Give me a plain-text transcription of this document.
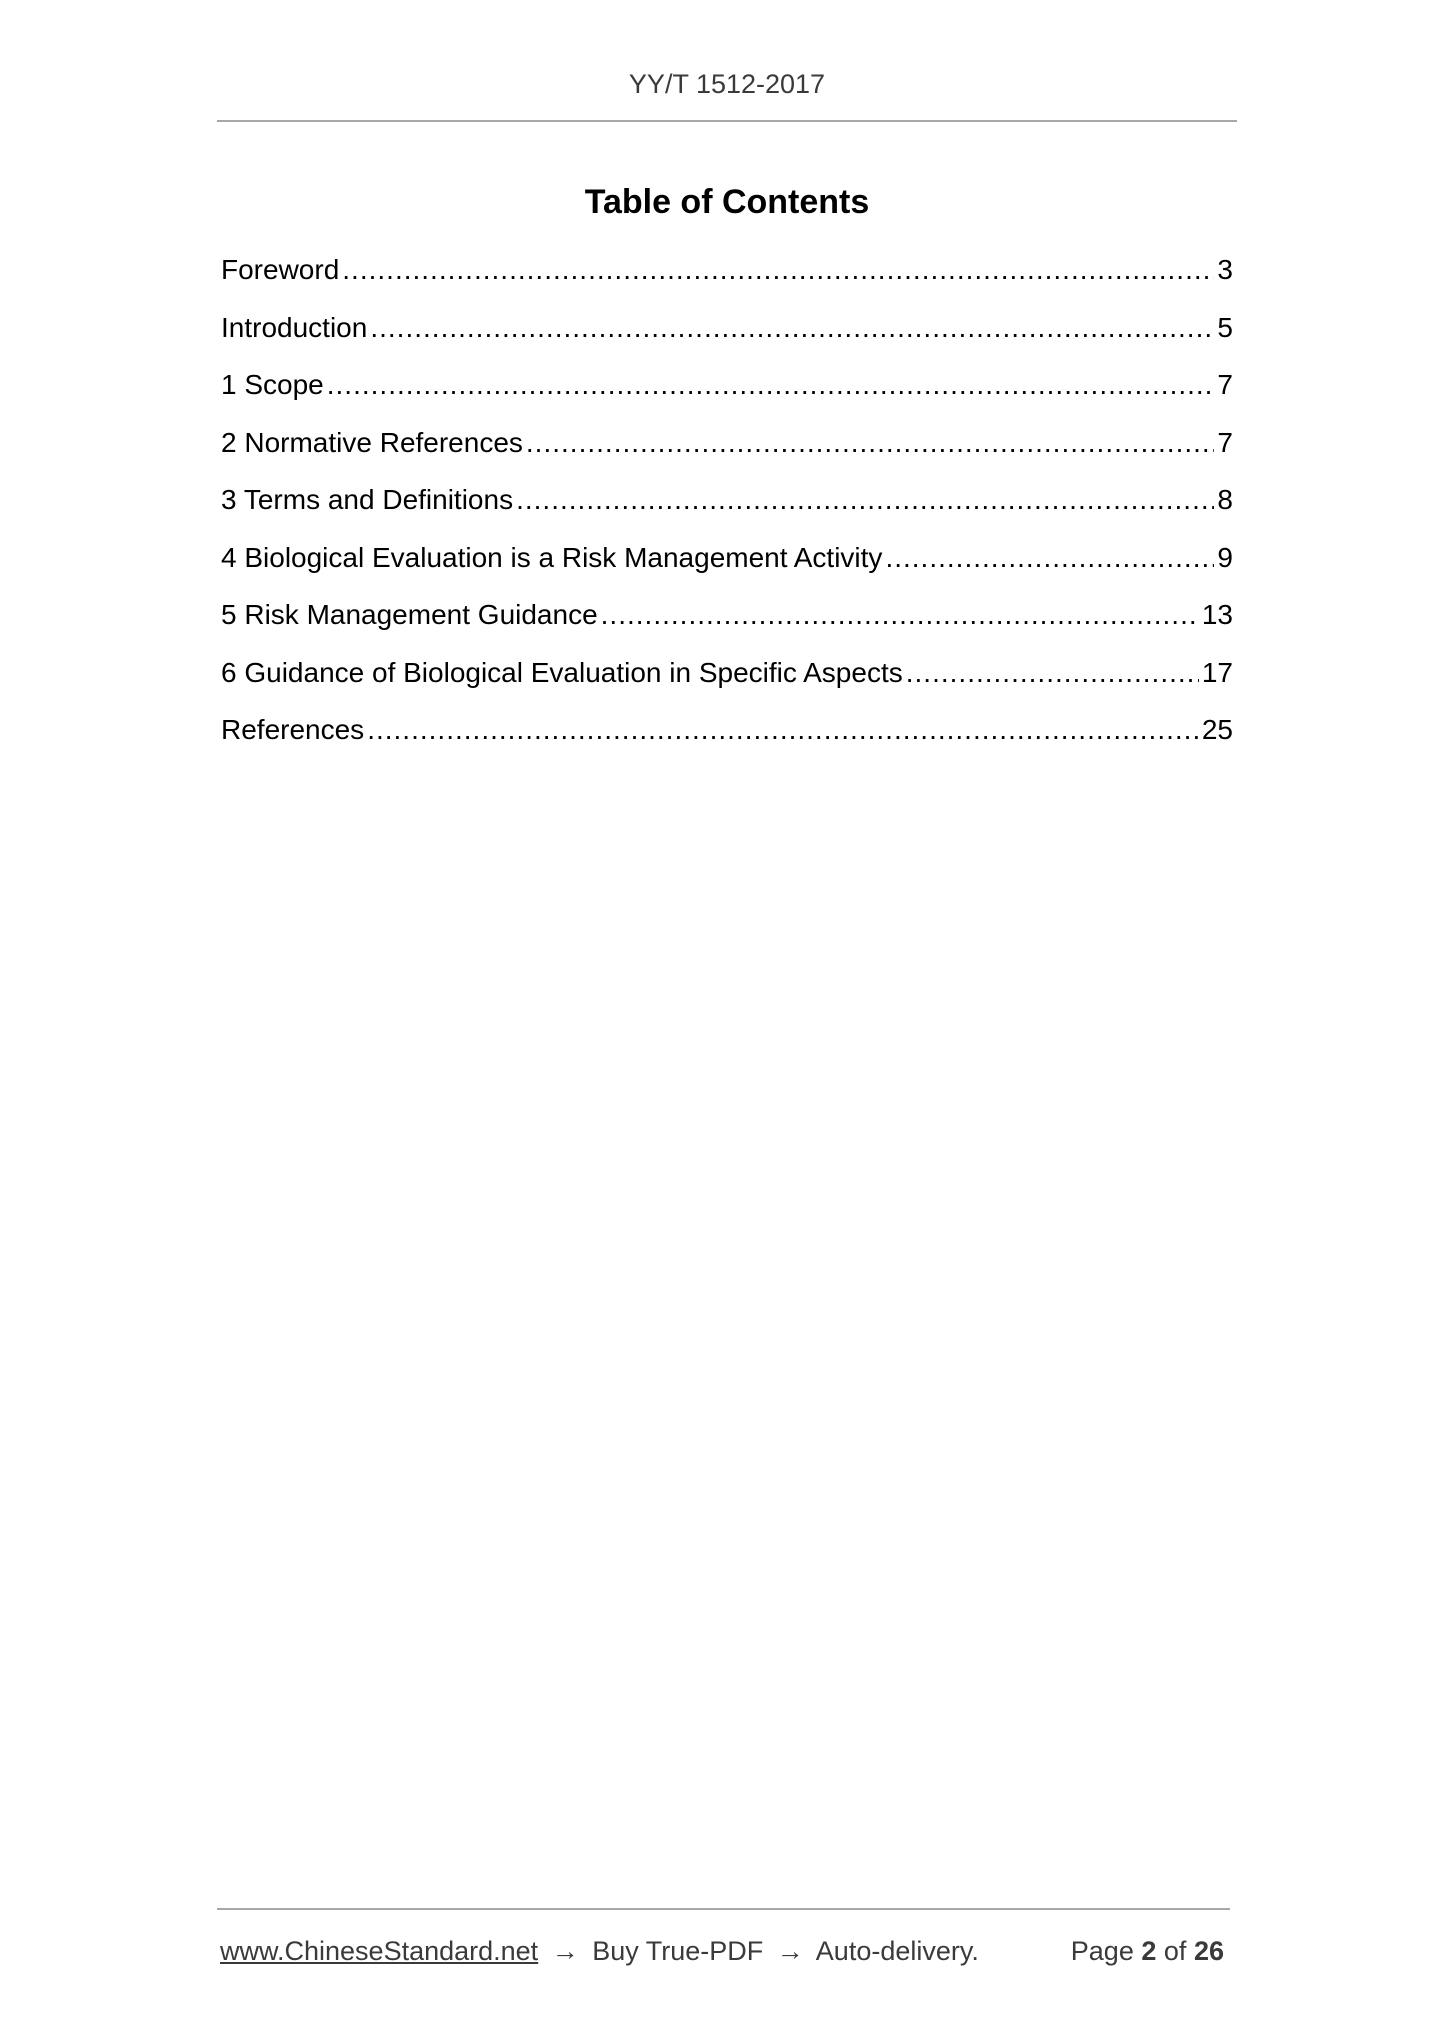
YY/T 1512-2017
Table of Contents
Foreword .....	3
Introduction .....	5
1 Scope .....	7
2 Normative References .....	7
3 Terms and Definitions .....	8
4 Biological Evaluation is a Risk Management Activity .....	9
5 Risk Management Guidance .....	13
6 Guidance of Biological Evaluation in Specific Aspects .....	17
References .....	25
www.ChineseStandard.net → Buy True-PDF → Auto-delivery.	Page 2 of 26
